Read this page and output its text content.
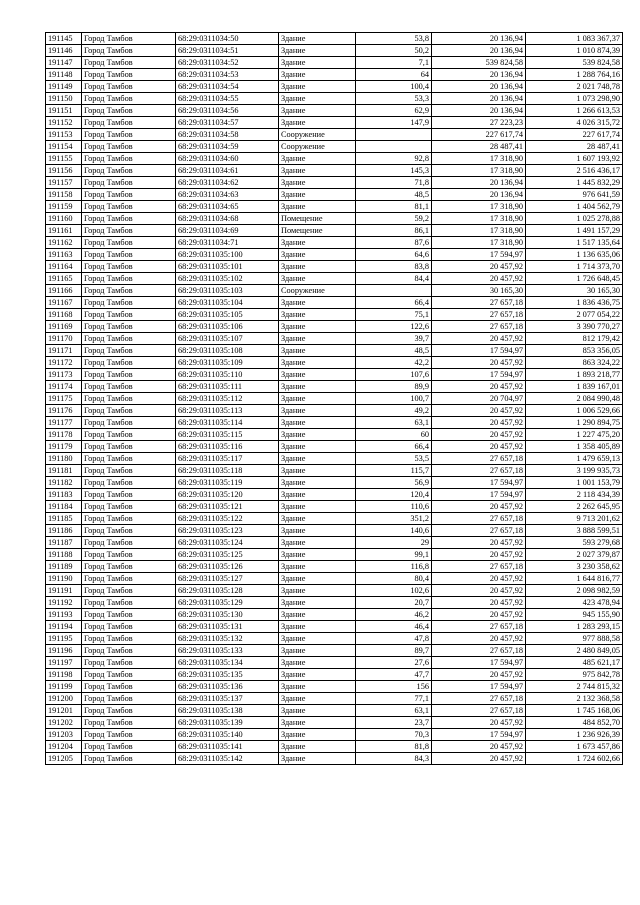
191145	Город Тамбов	68:29:0311034:50	Здание	53,8	20 136,94	1 083 367,37
191146	Город Тамбов	68:29:0311034:51	Здание	50,2	20 136,94	1 010 874,39
191147	Город Тамбов	68:29:0311034:52	Здание	7,1	539 824,58	539 824,58
191148	Город Тамбов	68:29:0311034:53	Здание	64	20 136,94	1 288 764,16
191149	Город Тамбов	68:29:0311034:54	Здание	100,4	20 136,94	2 021 748,78
191150	Город Тамбов	68:29:0311034:55	Здание	53,3	20 136,94	1 073 298,90
191151	Город Тамбов	68:29:0311034:56	Здание	62,9	20 136,94	1 266 613,53
191152	Город Тамбов	68:29:0311034:57	Здание	147,9	27 223,23	4 026 315,72
191153	Город Тамбов	68:29:0311034:58	Сооружение		227 617,74	227 617,74
191154	Город Тамбов	68:29:0311034:59	Сооружение		28 487,41	28 487,41
191155	Город Тамбов	68:29:0311034:60	Здание	92,8	17 318,90	1 607 193,92
191156	Город Тамбов	68:29:0311034:61	Здание	145,3	17 318,90	2 516 436,17
191157	Город Тамбов	68:29:0311034:62	Здание	71,8	20 136,94	1 445 832,29
191158	Город Тамбов	68:29:0311034:63	Здание	48,5	20 136,94	976 641,59
191159	Город Тамбов	68:29:0311034:65	Здание	81,1	17 318,90	1 404 562,79
191160	Город Тамбов	68:29:0311034:68	Помещение	59,2	17 318,90	1 025 278,88
191161	Город Тамбов	68:29:0311034:69	Помещение	86,1	17 318,90	1 491 157,29
191162	Город Тамбов	68:29:0311034:71	Здание	87,6	17 318,90	1 517 135,64
191163	Город Тамбов	68:29:0311035:100	Здание	64,6	17 594,97	1 136 635,06
191164	Город Тамбов	68:29:0311035:101	Здание	83,8	20 457,92	1 714 373,70
191165	Город Тамбов	68:29:0311035:102	Здание	84,4	20 457,92	1 726 648,45
191166	Город Тамбов	68:29:0311035:103	Сооружение		30 165,30	30 165,30
191167	Город Тамбов	68:29:0311035:104	Здание	66,4	27 657,18	1 836 436,75
191168	Город Тамбов	68:29:0311035:105	Здание	75,1	27 657,18	2 077 054,22
191169	Город Тамбов	68:29:0311035:106	Здание	122,6	27 657,18	3 390 770,27
191170	Город Тамбов	68:29:0311035:107	Здание	39,7	20 457,92	812 179,42
191171	Город Тамбов	68:29:0311035:108	Здание	48,5	17 594,97	853 356,05
191172	Город Тамбов	68:29:0311035:109	Здание	42,2	20 457,92	863 324,22
191173	Город Тамбов	68:29:0311035:110	Здание	107,6	17 594,97	1 893 218,77
191174	Город Тамбов	68:29:0311035:111	Здание	89,9	20 457,92	1 839 167,01
191175	Город Тамбов	68:29:0311035:112	Здание	100,7	20 704,97	2 084 990,48
191176	Город Тамбов	68:29:0311035:113	Здание	49,2	20 457,92	1 006 529,66
191177	Город Тамбов	68:29:0311035:114	Здание	63,1	20 457,92	1 290 894,75
191178	Город Тамбов	68:29:0311035:115	Здание	60	20 457,92	1 227 475,20
191179	Город Тамбов	68:29:0311035:116	Здание	66,4	20 457,92	1 358 405,89
191180	Город Тамбов	68:29:0311035:117	Здание	53,5	27 657,18	1 479 659,13
191181	Город Тамбов	68:29:0311035:118	Здание	115,7	27 657,18	3 199 935,73
191182	Город Тамбов	68:29:0311035:119	Здание	56,9	17 594,97	1 001 153,79
191183	Город Тамбов	68:29:0311035:120	Здание	120,4	17 594,97	2 118 434,39
191184	Город Тамбов	68:29:0311035:121	Здание	110,6	20 457,92	2 262 645,95
191185	Город Тамбов	68:29:0311035:122	Здание	351,2	27 657,18	9 713 201,62
191186	Город Тамбов	68:29:0311035:123	Здание	140,6	27 657,18	3 888 599,51
191187	Город Тамбов	68:29:0311035:124	Здание	29	20 457,92	593 279,68
191188	Город Тамбов	68:29:0311035:125	Здание	99,1	20 457,92	2 027 379,87
191189	Город Тамбов	68:29:0311035:126	Здание	116,8	27 657,18	3 230 358,62
191190	Город Тамбов	68:29:0311035:127	Здание	80,4	20 457,92	1 644 816,77
191191	Город Тамбов	68:29:0311035:128	Здание	102,6	20 457,92	2 098 982,59
191192	Город Тамбов	68:29:0311035:129	Здание	20,7	20 457,92	423 478,94
191193	Город Тамбов	68:29:0311035:130	Здание	46,2	20 457,92	945 155,90
191194	Город Тамбов	68:29:0311035:131	Здание	46,4	27 657,18	1 283 293,15
191195	Город Тамбов	68:29:0311035:132	Здание	47,8	20 457,92	977 888,58
191196	Город Тамбов	68:29:0311035:133	Здание	89,7	27 657,18	2 480 849,05
191197	Город Тамбов	68:29:0311035:134	Здание	27,6	17 594,97	485 621,17
191198	Город Тамбов	68:29:0311035:135	Здание	47,7	20 457,92	975 842,78
191199	Город Тамбов	68:29:0311035:136	Здание	156	17 594,97	2 744 815,32
191200	Город Тамбов	68:29:0311035:137	Здание	77,1	27 657,18	2 132 368,58
191201	Город Тамбов	68:29:0311035:138	Здание	63,1	27 657,18	1 745 168,06
191202	Город Тамбов	68:29:0311035:139	Здание	23,7	20 457,92	484 852,70
191203	Город Тамбов	68:29:0311035:140	Здание	70,3	17 594,97	1 236 926,39
191204	Город Тамбов	68:29:0311035:141	Здание	81,8	20 457,92	1 673 457,86
191205	Город Тамбов	68:29:0311035:142	Здание	84,3	20 457,92	1 724 602,66
